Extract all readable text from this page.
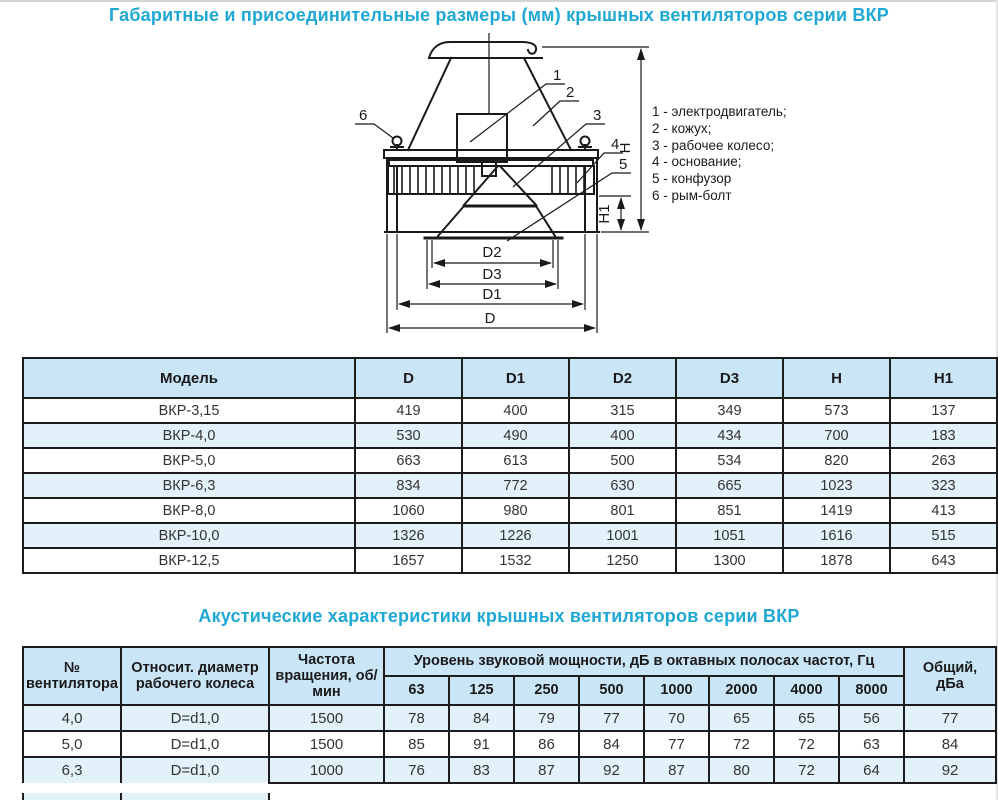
Габаритные и присоединительные размеры (мм) крышных вентиляторов серии ВКР
1
2
3
4
5
6
H
H1
D2
D3
D1
D
1 - электродвигатель;
2 - кожух;
3 - рабочее колесо;
4 - основание;
5 - конфузор
6 - рым-болт
Модель	D	D1	D2	D3	H	H1
ВКР-3,15	419	400	315	349	573	137
ВКР-4,0	530	490	400	434	700	183
ВКР-5,0	663	613	500	534	820	263
ВКР-6,3	834	772	630	665	1023	323
ВКР-8,0	1060	980	801	851	1419	413
ВКР-10,0	1326	1226	1001	1051	1616	515
ВКР-12,5	1657	1532	1250	1300	1878	643
Акустические характеристики крышных вентиляторов серии ВКР
№ вентилятора	Относит. диаметр рабочего колеса	Частота вращения, об/мин	Уровень звуковой мощности, дБ в октавных полосах частот, Гц								Общий, дБа
			63	125	250	500	1000	2000	4000	8000	
4,0	D=d1,0	1500	78	84	79	77	70	65	65	56	77
5,0	D=d1,0	1500	85	91	86	84	77	72	72	63	84
6,3	D=d1,0	1000	76	83	87	92	87	80	72	64	92
